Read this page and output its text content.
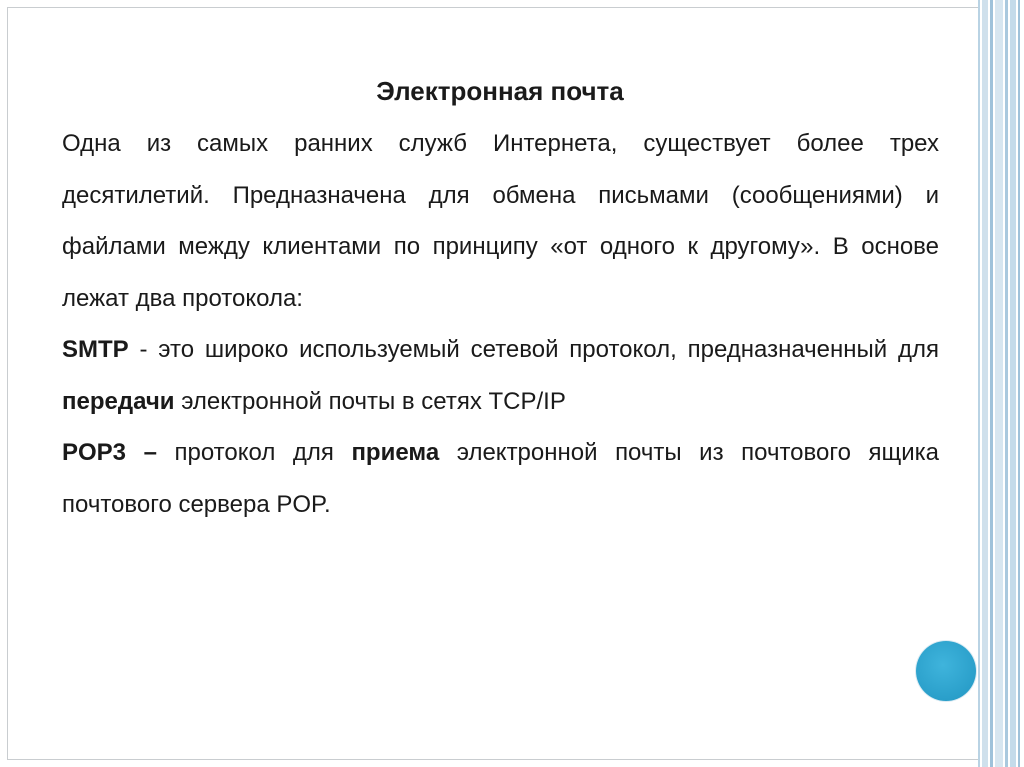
Электронная почта

Одна из самых ранних служб Интернета, существует более трех десятилетий. Предназначена для обмена письмами (сообщениями) и файлами между клиентами по принципу «от одного к другому». В основе лежат два протокола:

SMTP - это широко используемый сетевой протокол, предназначенный для передачи электронной почты в сетях TCP/IP

POP3 – протокол для приема электронной почты из почтового ящика почтового сервера POP.
